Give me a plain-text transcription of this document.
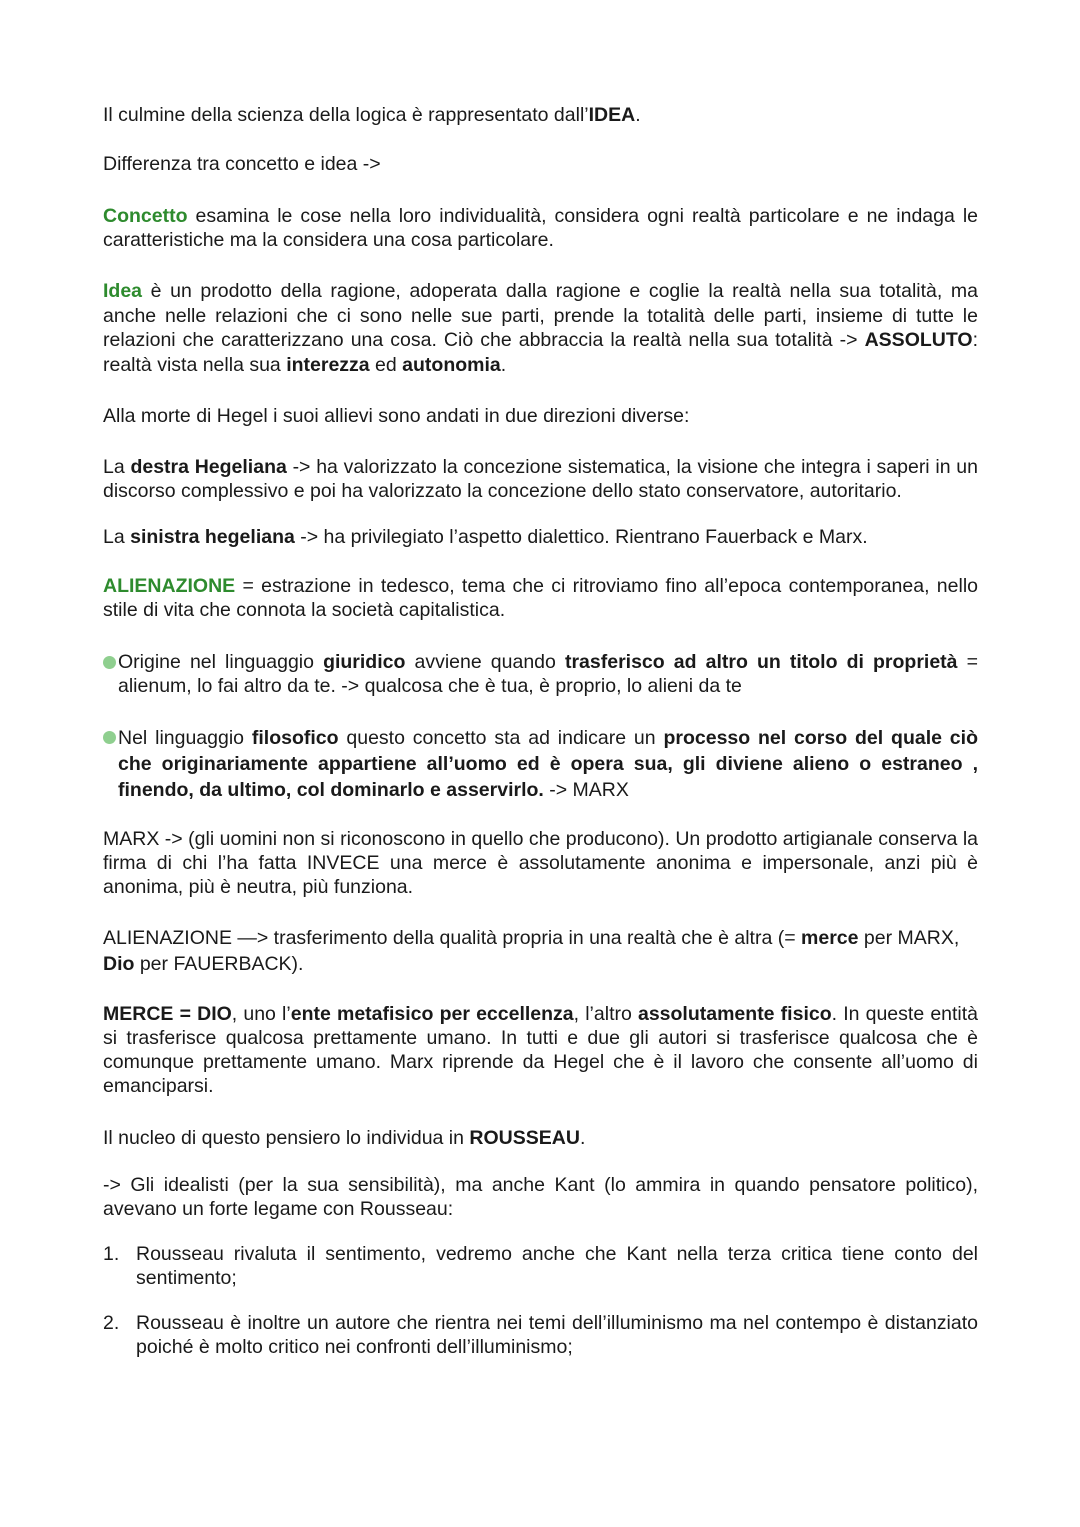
Il culmine della scienza della logica è rappresentato dall’IDEA.
Differenza tra concetto e idea ->
Concetto esamina le cose nella loro individualità, considera ogni realtà particolare e ne indaga le caratteristiche ma la considera una cosa particolare.
Idea è un prodotto della ragione, adoperata dalla ragione e coglie la realtà nella sua totalità, ma anche nelle relazioni che ci sono nelle sue parti, prende la totalità delle parti, insieme di tutte le relazioni che caratterizzano una cosa. Ciò che abbraccia la realtà nella sua totalità -> ASSOLUTO: realtà vista nella sua interezza ed autonomia.
Alla morte di Hegel i suoi allievi sono andati in due direzioni diverse:
La destra Hegeliana -> ha valorizzato la concezione sistematica, la visione che integra i saperi in un discorso complessivo e poi ha valorizzato la concezione dello stato conservatore, autoritario.
La sinistra hegeliana -> ha privilegiato l’aspetto dialettico. Rientrano Fauerback e Marx.
ALIENAZIONE = estrazione in tedesco, tema che ci ritroviamo fino all’epoca contemporanea, nello stile di vita che connota la società capitalistica.
Origine nel linguaggio giuridico avviene quando trasferisco ad altro un titolo di proprietà = alienum, lo fai altro da te. -> qualcosa che è tua, è proprio, lo alieni da te
Nel linguaggio filosofico questo concetto sta ad indicare un processo nel corso del quale ciò che originariamente appartiene all’uomo ed è opera sua, gli diviene alieno o estraneo , finendo, da ultimo, col dominarlo e asservirlo. -> MARX
MARX -> (gli uomini non si riconoscono in quello che producono). Un prodotto artigianale conserva la firma di chi l’ha fatta INVECE una merce è assolutamente anonima e impersonale, anzi più è anonima, più è neutra, più funziona.
ALIENAZIONE —> trasferimento della qualità propria in una realtà che è altra (= merce per MARX, Dio per FAUERBACK).
MERCE = DIO, uno l’ente metafisico per eccellenza, l’altro assolutamente fisico. In queste entità si trasferisce qualcosa prettamente umano. In tutti e due gli autori si trasferisce qualcosa che è comunque prettamente umano. Marx riprende da Hegel che è il lavoro che consente all’uomo di emanciparsi.
Il nucleo di questo pensiero lo individua in ROUSSEAU.
-> Gli idealisti (per la sua sensibilità), ma anche Kant (lo ammira in quando pensatore politico), avevano un forte legame con Rousseau:
1. Rousseau rivaluta il sentimento, vedremo anche che Kant nella terza critica tiene conto del sentimento;
2. Rousseau è inoltre un autore che rientra nei temi dell’illuminismo ma nel contempo è distanziato poiché è molto critico nei confronti dell’illuminismo;
